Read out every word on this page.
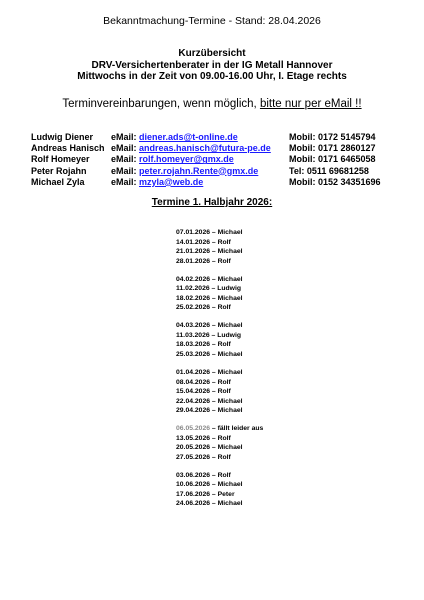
Bekanntmachung-Termine - Stand: 28.04.2026
Kurzübersicht
DRV-Versichertenberater in der IG Metall Hannover
Mittwochs in der Zeit von 09.00-16.00 Uhr, I. Etage rechts
Terminvereinbarungen, wenn möglich, bitte nur per eMail !!
Ludwig Diener eMail: diener.ads@t-online.de	Mobil: 0172 5145794
Andreas Hanisch eMail: andreas.hanisch@futura-pe.de Mobil: 0171 2860127
Rolf Homeyer eMail: rolf.homeyer@gmx.de	Mobil: 0171 6465058
Peter Rojahn	eMail: peter.rojahn.Rente@gmx.de	Tel: 0511 69681258
Michael Zyla	eMail: mzyla@web.de	Mobil: 0152 34351696
Termine 1. Halbjahr 2026:
07.01.2026 – Michael
14.01.2026 – Rolf
21.01.2026 – Michael
28.01.2026 – Rolf
04.02.2026 – Michael
11.02.2026 – Ludwig
18.02.2026 – Michael
25.02.2026 – Rolf
04.03.2026 – Michael
11.03.2026 – Ludwig
18.03.2026 – Rolf
25.03.2026 – Michael
01.04.2026 – Michael
08.04.2026 – Rolf
15.04.2026 – Rolf
22.04.2026 – Michael
29.04.2026 – Michael
06.05.2026 – fällt leider aus
13.05.2026 – Rolf
20.05.2026 – Michael
27.05.2026 – Rolf
03.06.2026 – Rolf
10.06.2026 – Michael
17.06.2026 – Peter
24.06.2026 – Michael
